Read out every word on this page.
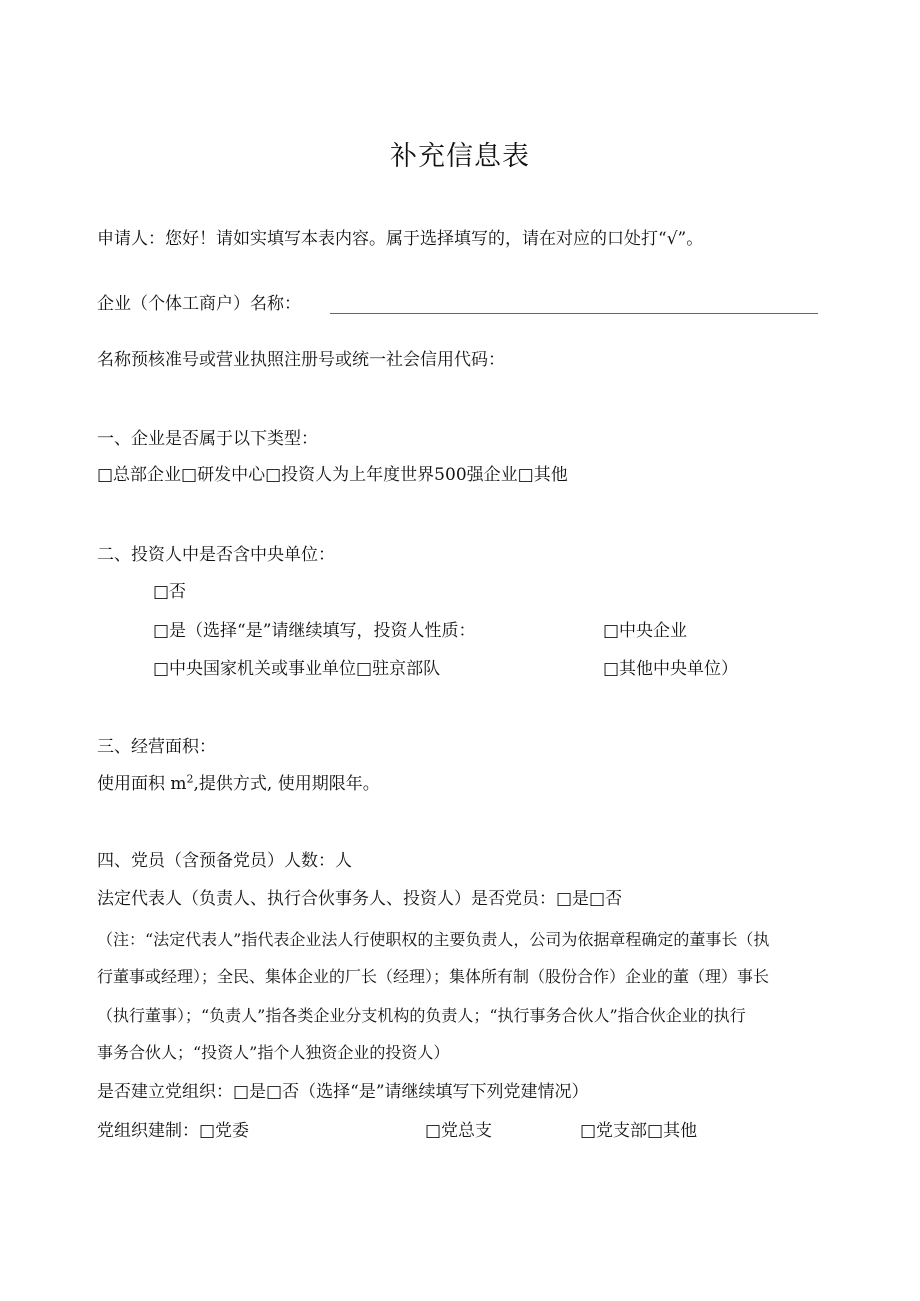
补充信息表
申请人：您好！请如实填写本表内容。属于选择填写的，请在对应的口处打“√”。
企业（个体工商户）名称：
名称预核准号或营业执照注册号或统一社会信用代码：
一、企业是否属于以下类型：
□总部企业□研发中心□投资人为上年度世界500强企业□其他
二、投资人中是否含中央单位：
□否
□是（选择“是”请继续填写，投资人性质：	□中央企业
□中央国家机关或事业单位□驻京部队	□其他中央单位）
三、经营面积：
使用面积 $m^2$,提供方式, 使用期限年。
四、党员（含预备党员）人数：人
法定代表人（负责人、执行合伙事务人、投资人）是否党员：□是□否
（注：“法定代表人”指代表企业法人行使职权的主要负责人，公司为依据章程确定的董事长（执
行董事或经理）；全民、集体企业的厂长（经理）；集体所有制（股份合作）企业的董（理）事长
（执行董事）；“负责人”指各类企业分支机构的负责人；“执行事务合伙人”指合伙企业的执行
事务合伙人；“投资人”指个人独资企业的投资人）
是否建立党组织：□是□否（选择“是”请继续填写下列党建情况）
党组织建制：□党委	□党总支	□党支部□其他
